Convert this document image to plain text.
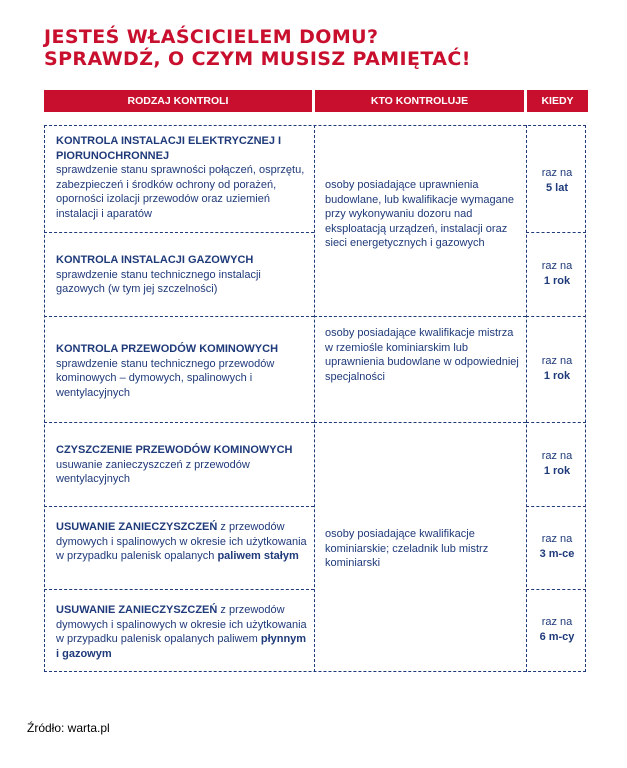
JESTEŚ WŁAŚCICIELEM DOMU?
SPRAWDŹ, O CZYM MUSISZ PAMIĘTAĆ!
RODZAJ KONTROLI	KTO KONTROLUJE	KIEDY
KONTROLA INSTALACJI ELEKTRYCZNEJ I PIORUNOCHRONNEJ
sprawdzenie stanu sprawności połączeń, osprzętu, zabezpieczeń i środków ochrony od porażeń, oporności izolacji przewodów oraz uziemień instalacji i aparatów
KONTROLA INSTALACJI GAZOWYCH
sprawdzenie stanu technicznego instalacji gazowych (w tym jej szczelności)
KONTROLA PRZEWODÓW KOMINOWYCH
sprawdzenie stanu technicznego przewodów kominowych – dymowych, spalinowych i wentylacyjnych
CZYSZCZENIE PRZEWODÓW KOMINOWYCH
usuwanie zanieczyszczeń z przewodów wentylacyjnych
USUWANIE ZANIECZYSZCZEŃ z przewodów dymowych i spalinowych w okresie ich użytkowania w przypadku palenisk opalanych paliwem stałym
USUWANIE ZANIECZYSZCZEŃ z przewodów dymowych i spalinowych w okresie ich użytkowania w przypadku palenisk opalanych paliwem płynnym i gazowym
osoby posiadające uprawnienia budowlane, lub kwalifikacje wymagane przy wykonywaniu dozoru nad eksploatacją urządzeń, instalacji oraz sieci energetycznych i gazowych
osoby posiadające kwalifikacje mistrza w rzemiośle kominiarskim lub uprawnienia budowlane w odpowiedniej specjalności
osoby posiadające kwalifikacje kominiarskie; czeladnik lub mistrz kominiarski
raz na
5 lat
raz na
1 rok
raz na
1 rok
raz na
1 rok
raz na
3 m-ce
raz na
6 m-cy
Źródło: warta.pl
